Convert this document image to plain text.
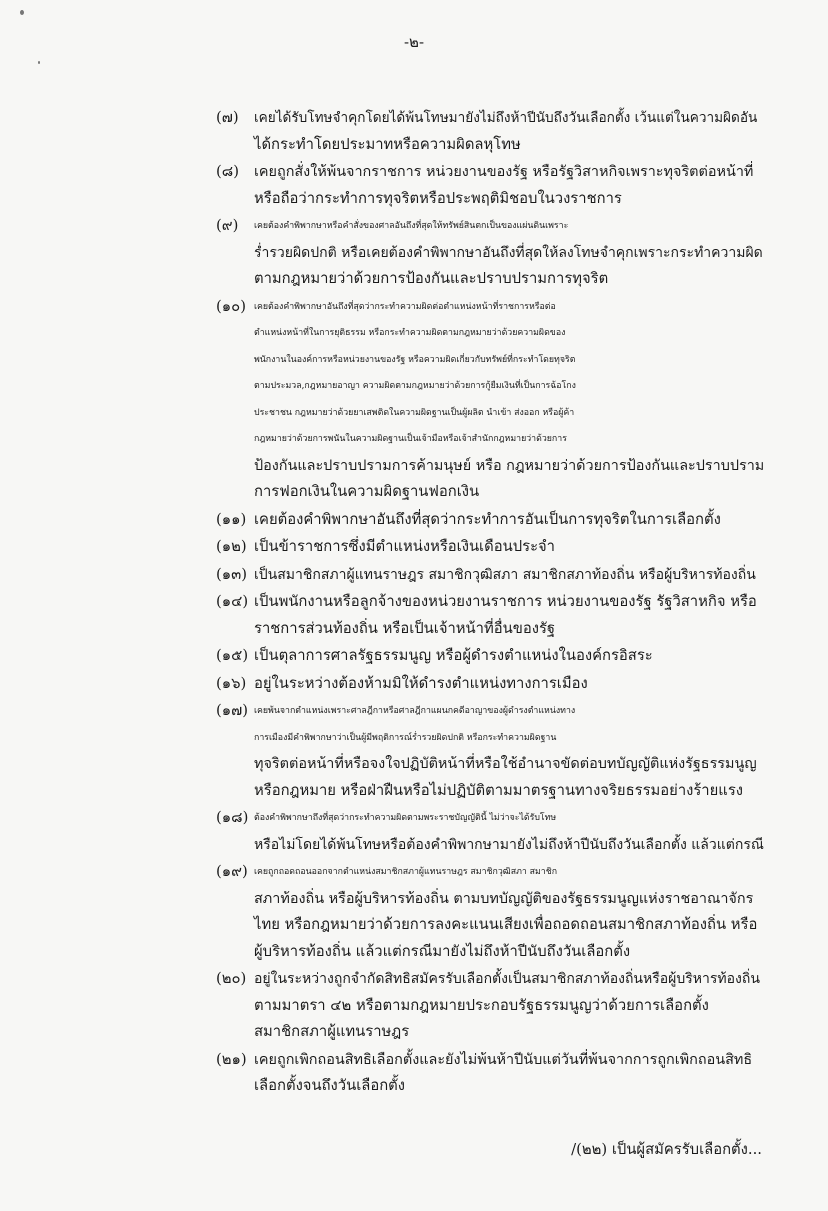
-๒-
(๗)	เคยได้รับโทษจำคุกโดยได้พ้นโทษมายังไม่ถึงห้าปีนับถึงวันเลือกตั้ง เว้นแต่ในความผิดอัน
ได้กระทำโดยประมาทหรือความผิดลหุโทษ
(๘)	เคยถูกสั่งให้พ้นจากราชการ หน่วยงานของรัฐ หรือรัฐวิสาหกิจเพราะทุจริตต่อหน้าที่
หรือถือว่ากระทำการทุจริตหรือประพฤติมิชอบในวงราชการ
(๙)	เคยต้องคำพิพากษาหรือคำสั่งของศาลอันถึงที่สุดให้ทรัพย์สินตกเป็นของแผ่นดินเพราะ
ร่ำรวยผิดปกติ หรือเคยต้องคำพิพากษาอันถึงที่สุดให้ลงโทษจำคุกเพราะกระทำความผิด
ตามกฎหมายว่าด้วยการป้องกันและปราบปรามการทุจริต
(๑๐) เคยต้องคำพิพากษาอันถึงที่สุดว่ากระทำความผิดต่อตำแหน่งหน้าที่ราชการหรือต่อ
ตำแหน่งหน้าที่ในการยุติธรรม หรือกระทำความผิดตามกฎหมายว่าด้วยความผิดของ
พนักงานในองค์การหรือหน่วยงานของรัฐ หรือความผิดเกี่ยวกับทรัพย์ที่กระทำโดยทุจริต
ตามประมวล,กฎหมายอาญา ความผิดตามกฎหมายว่าด้วยการกู้ยืมเงินที่เป็นการฉ้อโกง
ประชาชน กฎหมายว่าด้วยยาเสพติดในความผิดฐานเป็นผู้ผลิต นำเข้า ส่งออก หรือผู้ค้า
กฎหมายว่าด้วยการพนันในความผิดฐานเป็นเจ้ามือหรือเจ้าสำนักกฎหมายว่าด้วยการ
ป้องกันและปราบปรามการค้ามนุษย์ หรือ กฎหมายว่าด้วยการป้องกันและปราบปราม
การฟอกเงินในความผิดฐานฟอกเงิน
(๑๑) เคยต้องคำพิพากษาอันถึงที่สุดว่ากระทำการอันเป็นการทุจริตในการเลือกตั้ง
(๑๒) เป็นข้าราชการซึ่งมีตำแหน่งหรือเงินเดือนประจำ
(๑๓) เป็นสมาชิกสภาผู้แทนราษฎร สมาชิกวุฒิสภา สมาชิกสภาท้องถิ่น หรือผู้บริหารท้องถิ่น
(๑๔) เป็นพนักงานหรือลูกจ้างของหน่วยงานราชการ หน่วยงานของรัฐ รัฐวิสาหกิจ หรือ
ราชการส่วนท้องถิ่น หรือเป็นเจ้าหน้าที่อื่นของรัฐ
(๑๕) เป็นตุลาการศาลรัฐธรรมนูญ หรือผู้ดำรงตำแหน่งในองค์กรอิสระ
(๑๖) อยู่ในระหว่างต้องห้ามมิให้ดำรงตำแหน่งทางการเมือง
(๑๗) เคยพ้นจากตำแหน่งเพราะศาลฎีกาหรือศาลฎีกาแผนกคดีอาญาของผู้ดำรงตำแหน่งทาง
การเมืองมีคำพิพากษาว่าเป็นผู้มีพฤติการณ์ร่ำรวยผิดปกติ หรือกระทำความผิดฐาน
ทุจริตต่อหน้าที่หรือจงใจปฏิบัติหน้าที่หรือใช้อำนาจขัดต่อบทบัญญัติแห่งรัฐธรรมนูญ
หรือกฎหมาย หรือฝ่าฝืนหรือไม่ปฏิบัติตามมาตรฐานทางจริยธรรมอย่างร้ายแรง
(๑๘) ต้องคำพิพากษาถึงที่สุดว่ากระทำความผิดตามพระราชบัญญัตินี้ ไม่ว่าจะได้รับโทษ
หรือไม่โดยได้พ้นโทษหรือต้องคำพิพากษามายังไม่ถึงห้าปีนับถึงวันเลือกตั้ง แล้วแต่กรณี
(๑๙) เคยถูกถอดถอนออกจากตำแหน่งสมาชิกสภาผู้แทนราษฎร สมาชิกวุฒิสภา สมาชิก
สภาท้องถิ่น หรือผู้บริหารท้องถิ่น ตามบทบัญญัติของรัฐธรรมนูญแห่งราชอาณาจักร
ไทย หรือกฎหมายว่าด้วยการลงคะแนนเสียงเพื่อถอดถอนสมาชิกสภาท้องถิ่น หรือ
ผู้บริหารท้องถิ่น แล้วแต่กรณีมายังไม่ถึงห้าปีนับถึงวันเลือกตั้ง
(๒๐) อยู่ในระหว่างถูกจำกัดสิทธิสมัครรับเลือกตั้งเป็นสมาชิกสภาท้องถิ่นหรือผู้บริหารท้องถิ่น
ตามมาตรา ๔๒ หรือตามกฎหมายประกอบรัฐธรรมนูญว่าด้วยการเลือกตั้ง
สมาชิกสภาผู้แทนราษฎร
(๒๑) เคยถูกเพิกถอนสิทธิเลือกตั้งและยังไม่พ้นห้าปีนับแต่วันที่พ้นจากการถูกเพิกถอนสิทธิ
เลือกตั้งจนถึงวันเลือกตั้ง
/(๒๒) เป็นผู้สมัครรับเลือกตั้ง...
